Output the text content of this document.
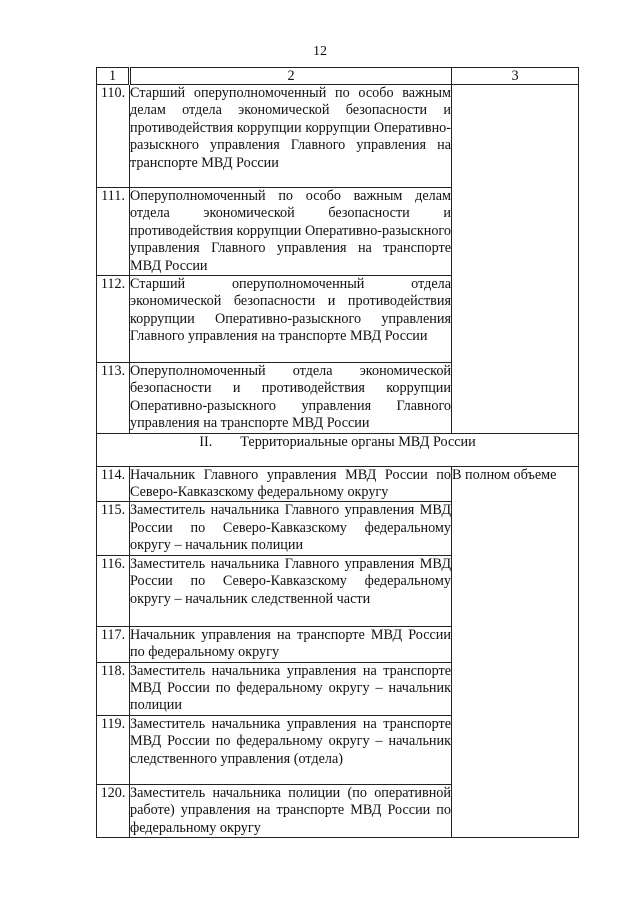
12
1	2	3
110.	Старший оперуполномоченный по особо важным делам отдела экономической безопасности и противодействия коррупции коррупции Оперативно-разыскного управления Главного управления на транспорте МВД России	
111.	Оперуполномоченный по особо важным делам отдела экономической безопасности и противодействия коррупции Оперативно-разыскного управления Главного управления на транспорте МВД России	
112.	Старший оперуполномоченный отдела экономической безопасности и противодействия коррупции Оперативно-разыскного управления Главного управления на транспорте МВД России	
113.	Оперуполномоченный отдела экономической безопасности и противодействия коррупции Оперативно-разыскного управления Главного управления на транспорте МВД России	
II. Территориальные органы МВД России		
114.	Начальник Главного управления МВД России по Северо-Кавказскому федеральному округу	В полном объеме
115.	Заместитель начальника Главного управления МВД России по Северо-Кавказскому федеральному округу – начальник полиции	
116.	Заместитель начальника Главного управления МВД России по Северо-Кавказскому федеральному округу – начальник следственной части	
117.	Начальник управления на транспорте МВД России по федеральному округу	
118.	Заместитель начальника управления на транспорте МВД России по федеральному округу – начальник полиции	
119.	Заместитель начальника управления на транспорте МВД России по федеральному округу – начальник следственного управления (отдела)	
120.	Заместитель начальника полиции (по оперативной работе) управления на транспорте МВД России по федеральному округу	
